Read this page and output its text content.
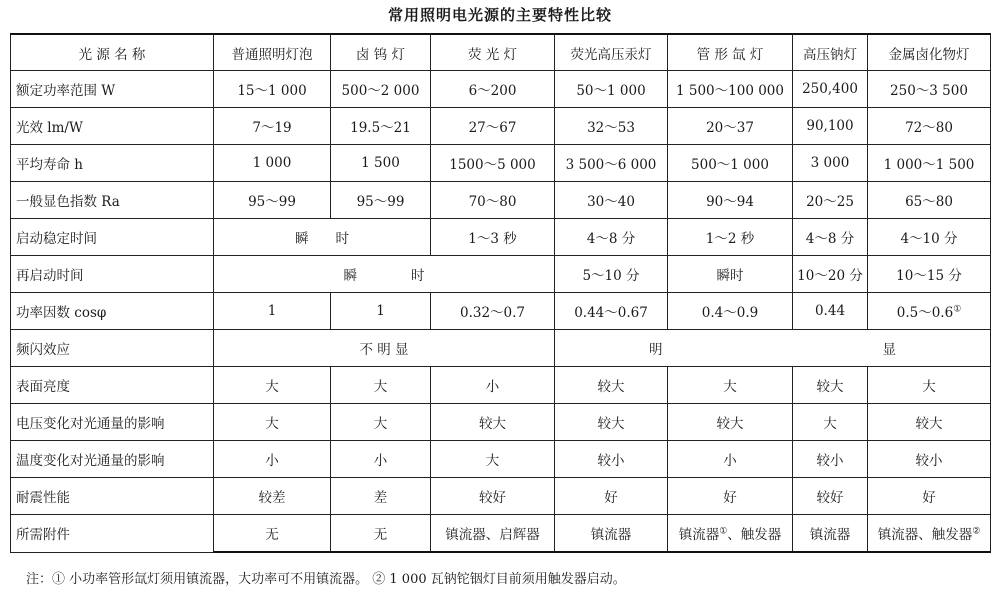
常用照明电光源的主要特性比较
光 源 名 称	普通照明灯泡	卤 钨 灯	荧 光 灯	荧光高压汞灯	管 形 氙 灯	高压钠灯	金属卤化物灯
额定功率范围 W	15～1 000	500～2 000	6～200	50～1 000	1 500～100 000	250,400	250～3 500
光效 lm/W	7～19	19.5～21	27～67	32～53	20～37	90,100	72～80
平均寿命 h	1 000	1 500	1500～5 000	3 500～6 000	500～1 000	3 000	1 000～1 500
一般显色指数 Ra	95～99	95～99	70～80	30～40	90～94	20～25	65～80
启动稳定时间	瞬　　时		1～3 秒	4～8 分	1～2 秒	4～8 分	4～10 分
再启动时间	瞬　　　　时			5～10 分	瞬时	10～20 分	10～15 分
功率因数 cosφ	1	1	0.32～0.7	0.44～0.67	0.4～0.9	0.44	0.5～0.6①
频闪效应	不 明 显			明 显			
表面亮度	大	大	小	较大	大	较大	大
电压变化对光通量的影响	大	大	较大	较大	较大	大	较大
温度变化对光通量的影响	小	小	大	较小	小	较小	较小
耐震性能	较差	差	较好	好	好	较好	好
所需附件	无	无	镇流器、启辉器	镇流器	镇流器①、触发器	镇流器	镇流器、触发器②
注：① 小功率管形氙灯须用镇流器，大功率可不用镇流器。 ② 1 000 瓦钠铊铟灯目前须用触发器启动。
